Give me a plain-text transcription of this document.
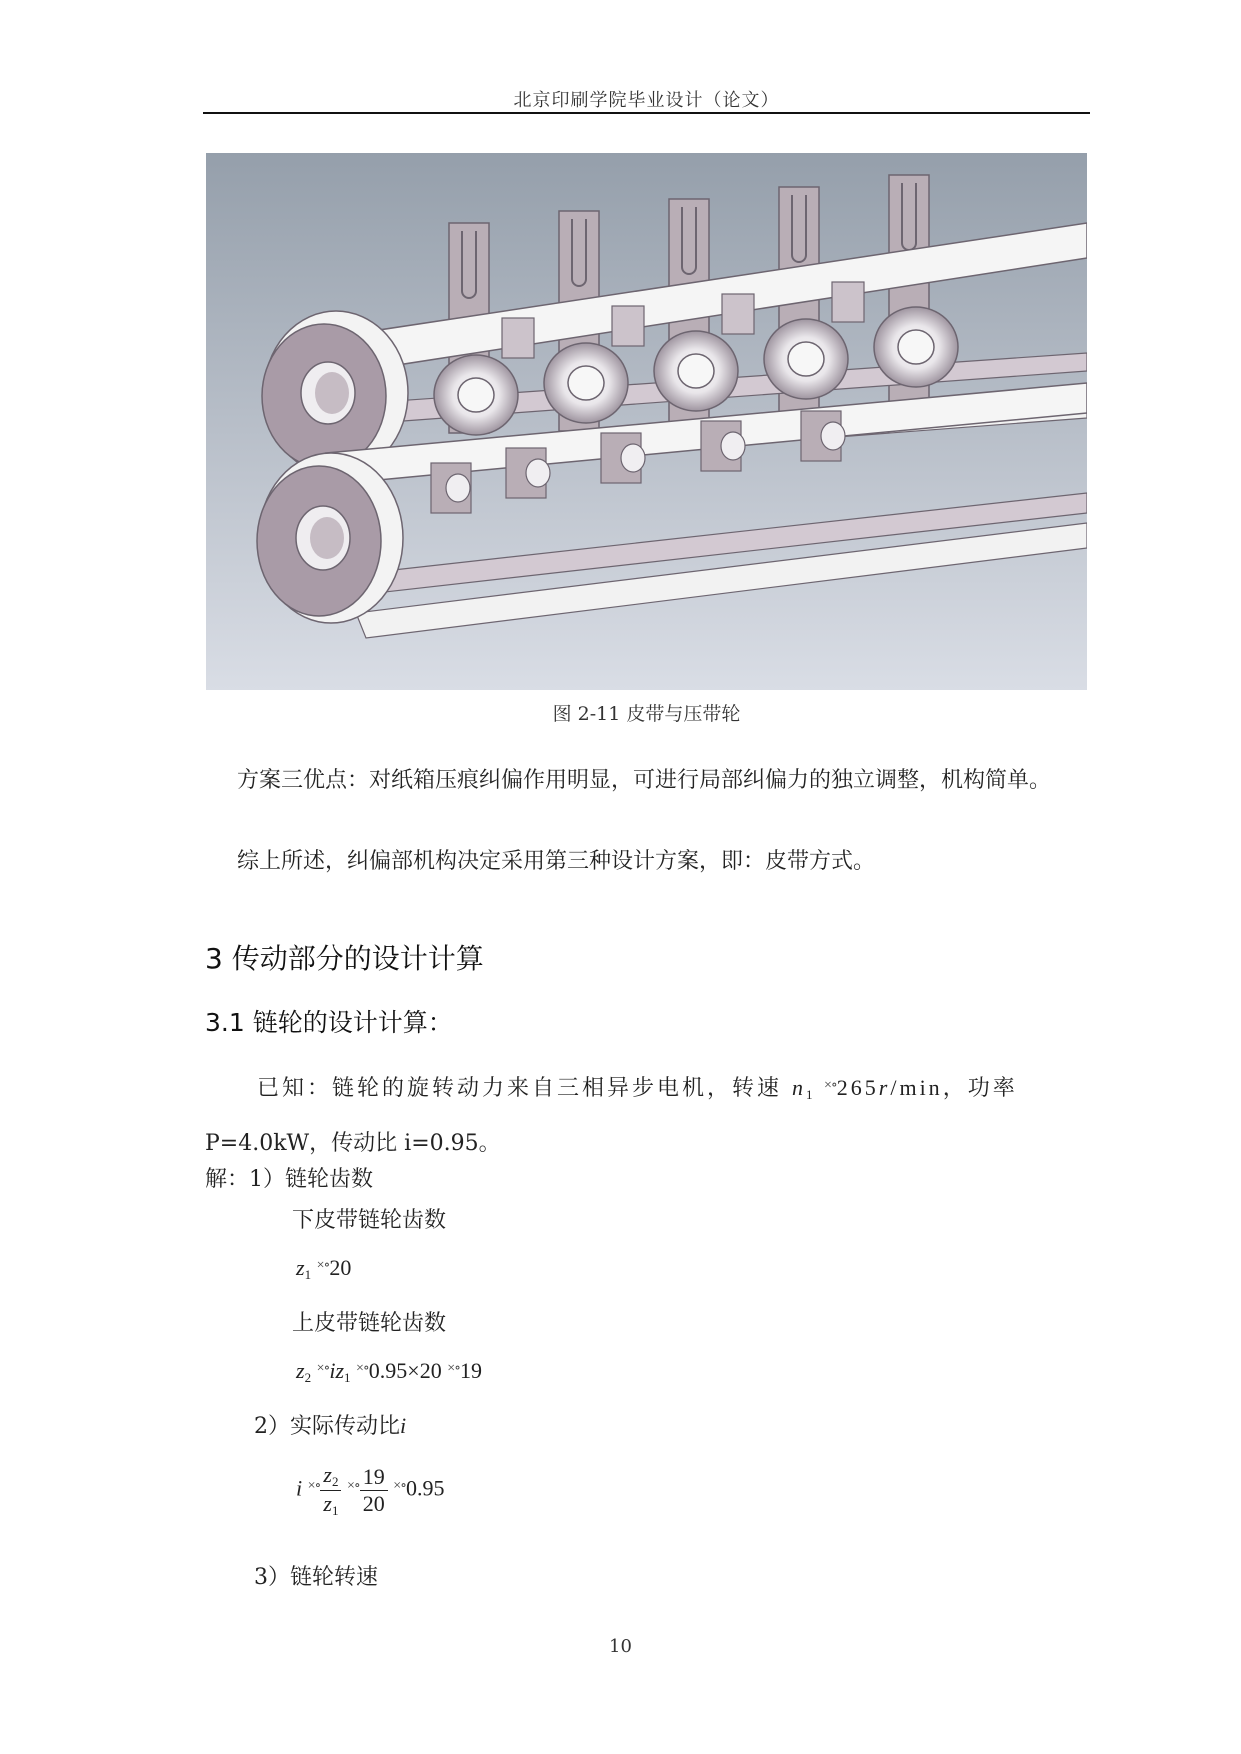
北京印刷学院毕业设计（论文）
图 2-11 皮带与压带轮

方案三优点：对纸箱压痕纠偏作用明显，可进行局部纠偏力的独立调整，机构简单。

综上所述，纠偏部机构决定采用第三种设计方案，即：皮带方式。

3 传动部分的设计计算
3.1 链轮的设计计算：
已知：链轮的旋转动力来自三相异步电机，转速 $n_1$ ×∘265r/min，功率
P=4.0kW，传动比 i=0.95。
解：1）链轮齿数
下皮带链轮齿数
$z_1$ ×∘20
上皮带链轮齿数
$z_2$ $^{\times\circ}iz_1$ ×∘0.95×20 ×∘19
2）实际传动比i
i $^{\times\circ} \frac{z_2}{z_1} ^{\times\circ} \frac{19}{20} ^{\times\circ}0.95$
3）链轮转速
10
